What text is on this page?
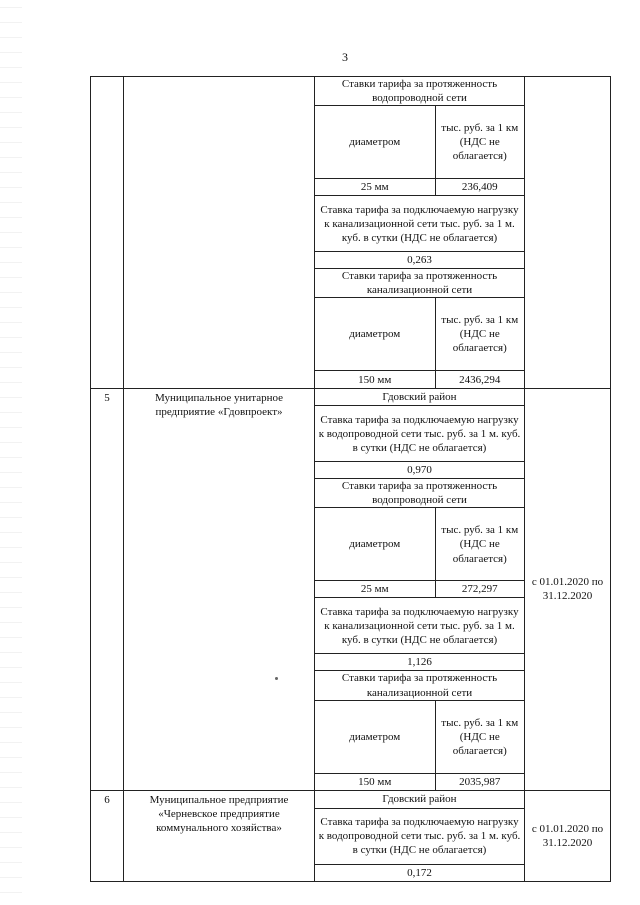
3

Ставки тарифа за протяженность водопроводной сети
диаметром	тыс. руб. за 1 км (НДС не облагается)
25 мм	236,409
Ставка тарифа за подключаемую нагрузку к канализационной сети тыс. руб. за 1 м. куб. в сутки (НДС не облагается)
0,263
Ставки тарифа за протяженность канализационной сети
диаметром	тыс. руб. за 1 км (НДС не облагается)
150 мм	2436,294

5	Муниципальное унитарное предприятие «Гдовпроект»	
Гдовский район
Ставка тарифа за подключаемую нагрузку к водопроводной сети тыс. руб. за 1 м. куб. в сутки (НДС не облагается)
0,970
Ставки тарифа за протяженность водопроводной сети
диаметром	тыс. руб. за 1 км (НДС не облагается)
25 мм	272,297
Ставка тарифа за подключаемую нагрузку к канализационной сети тыс. руб. за 1 м. куб. в сутки (НДС не облагается)
1,126
Ставки тарифа за протяженность канализационной сети
диаметром	тыс. руб. за 1 км (НДС не облагается)
150 мм	2035,987
	с 01.01.2020 по 31.12.2020
6	Муниципальное предприятие «Черневское предприятие коммунального хозяйства»	
Гдовский район
Ставка тарифа за подключаемую нагрузку к водопроводной сети тыс. руб. за 1 м. куб. в сутки (НДС не облагается)
0,172
	с 01.01.2020 по 31.12.2020
